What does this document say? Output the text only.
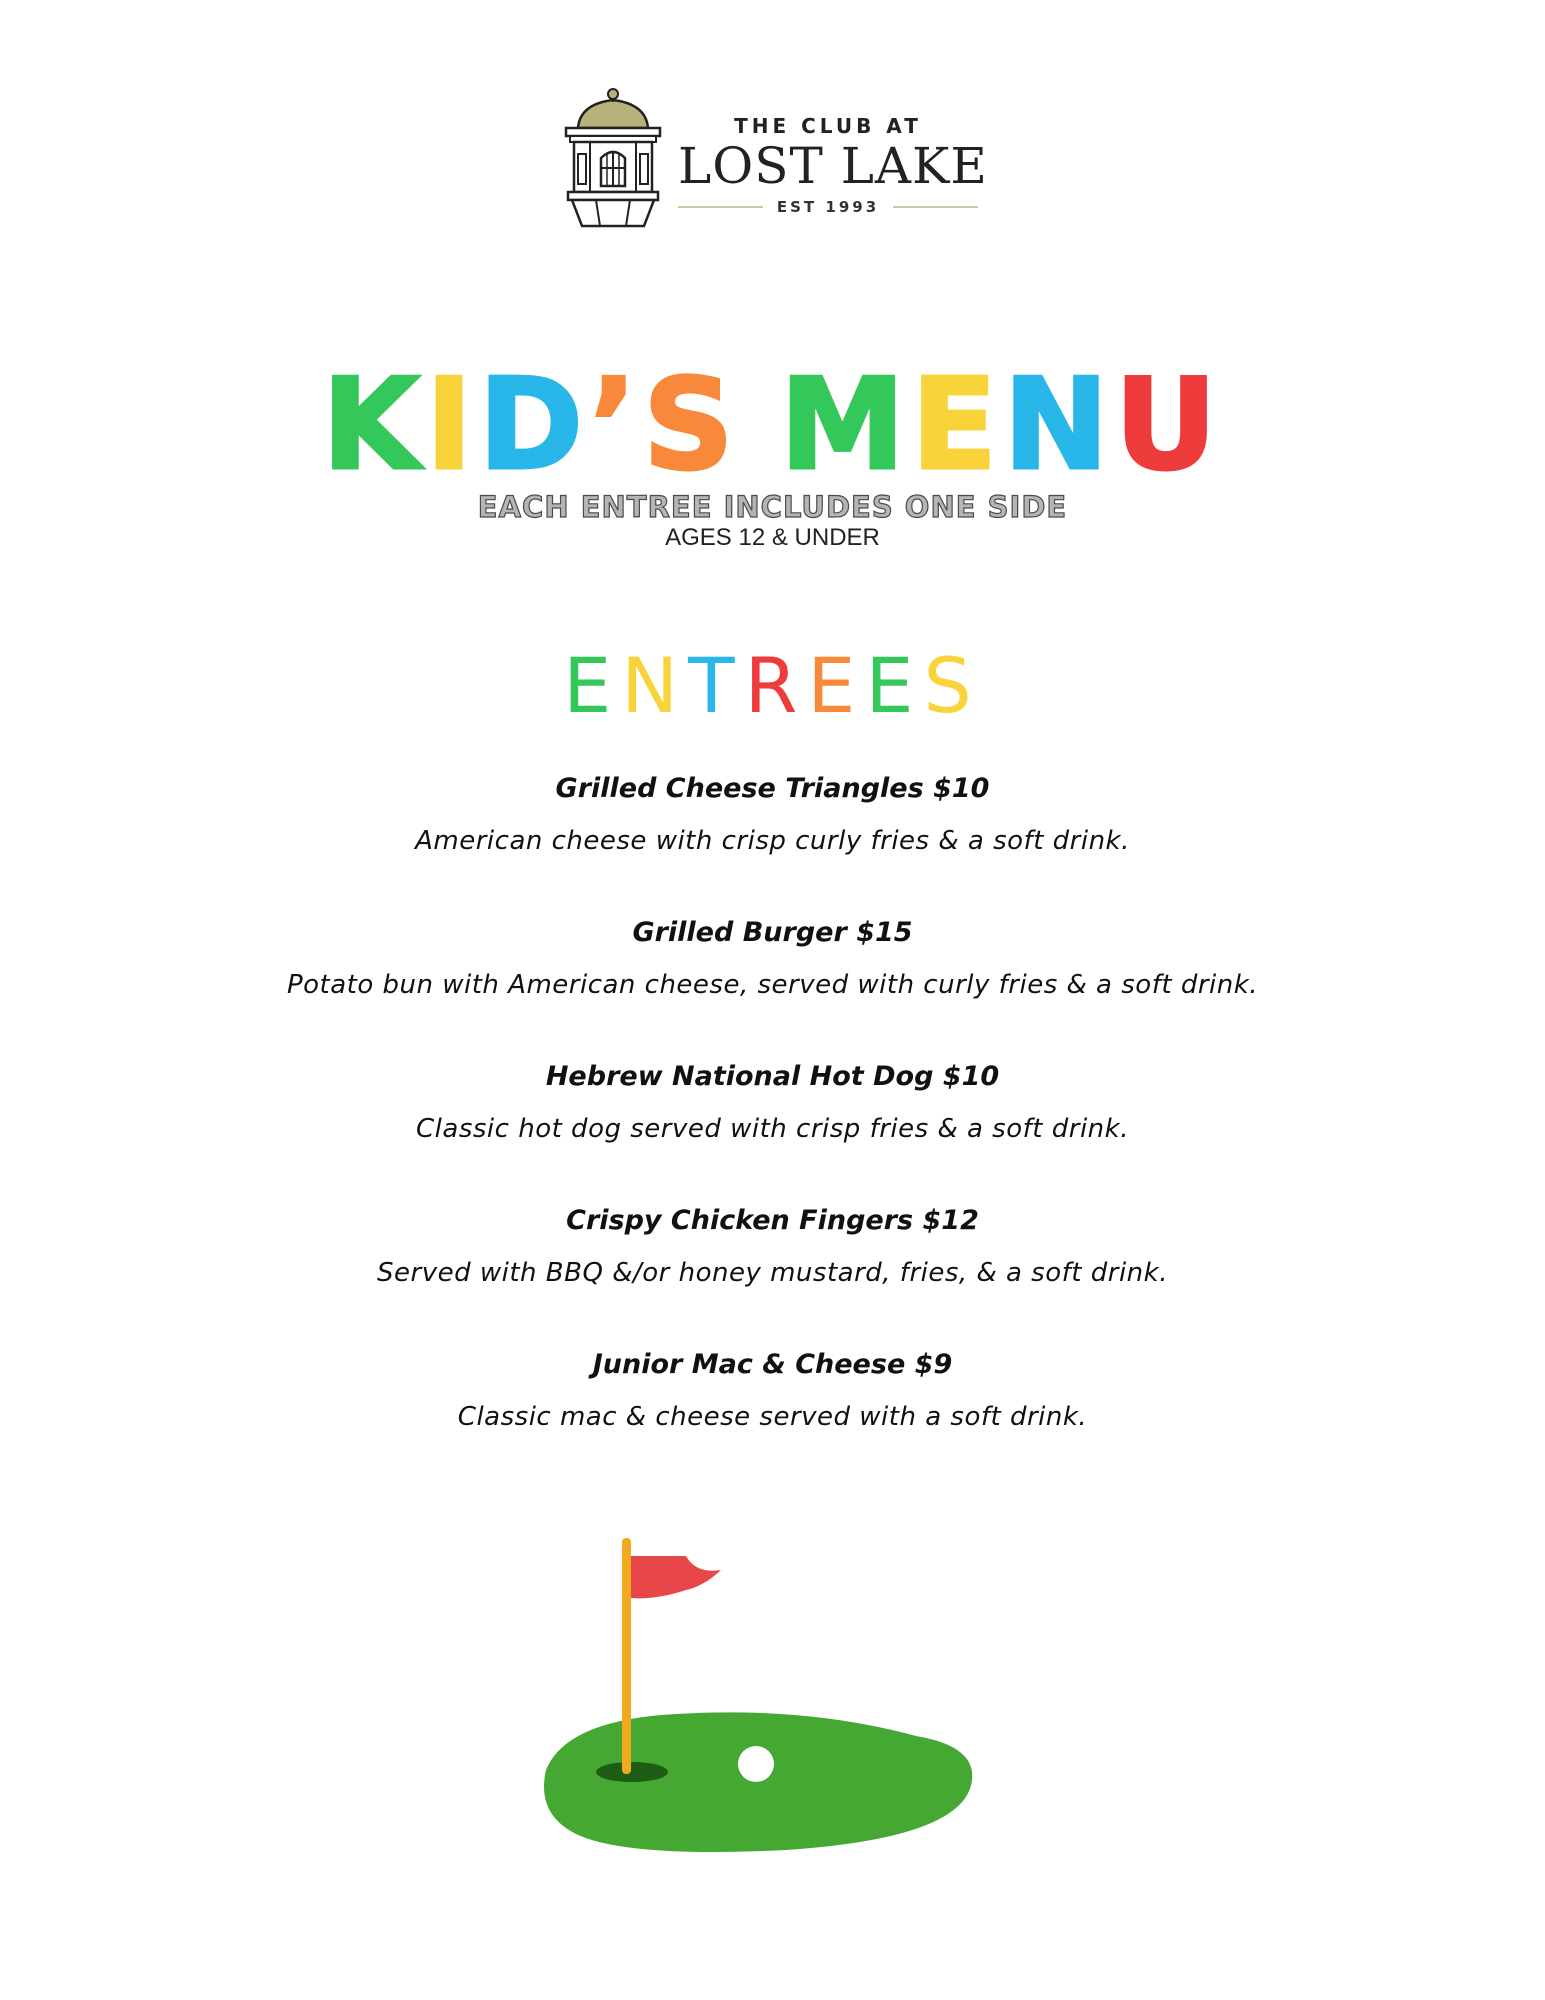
THE CLUB AT
LOST LAKE
EST 1993
KID’S MENU
EACH ENTREE INCLUDES ONE SIDE
AGES 12 & UNDER
ENTREES
Grilled Cheese Triangles $10
American cheese with crisp curly fries & a soft drink.
Grilled Burger $15
Potato bun with American cheese, served with curly fries & a soft drink.
Hebrew National Hot Dog $10
Classic hot dog served with crisp fries & a soft drink.
Crispy Chicken Fingers $12
Served with BBQ &/or honey mustard, fries, & a soft drink.
Junior Mac & Cheese $9
Classic mac & cheese served with a soft drink.
